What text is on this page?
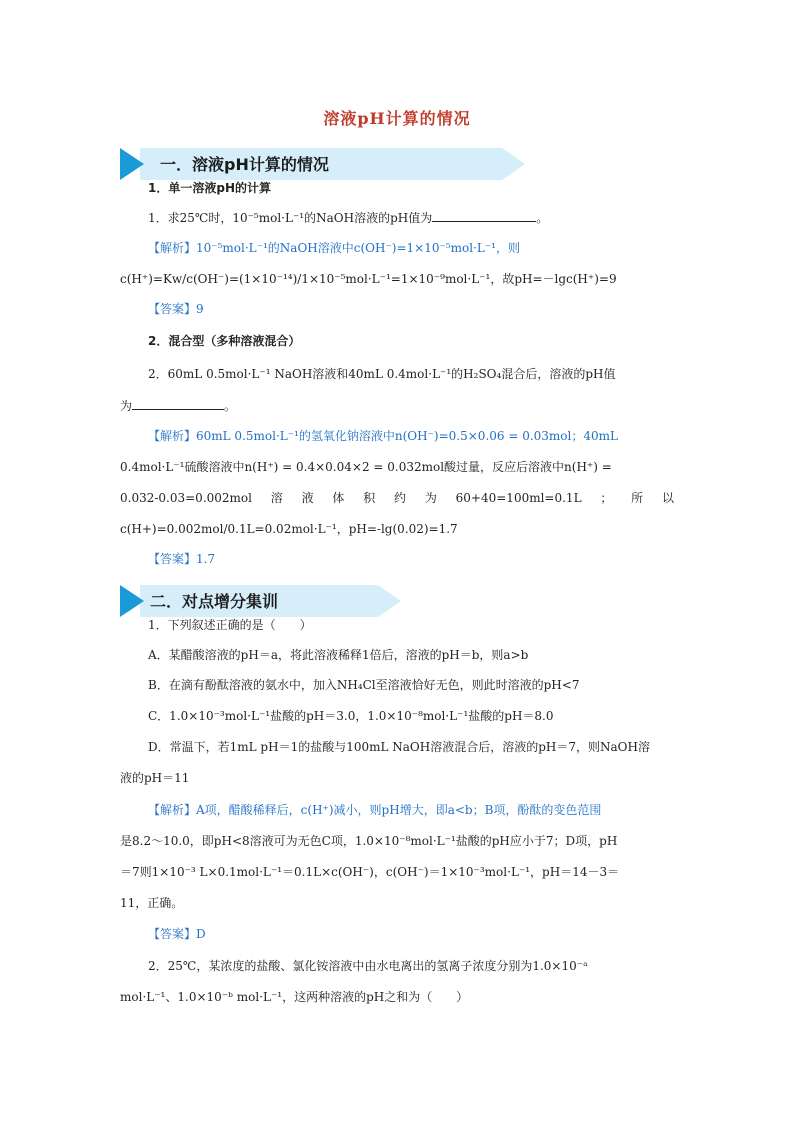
溶液pH计算的情况
一．溶液pH计算的情况
1．单一溶液pH的计算
1．求25℃时，10⁻⁵mol·L⁻¹的NaOH溶液的pH值为	。
【解析】10⁻⁵mol·L⁻¹的NaOH溶液中c(OH⁻)=1×10⁻⁵mol·L⁻¹，则
c(H⁺)=Kw/c(OH⁻)=(1×10⁻¹⁴)/1×10⁻⁵mol·L⁻¹=1×10⁻⁹mol·L⁻¹，故pH=－lgc(H⁺)=9
【答案】9
2．混合型（多种溶液混合）
2．60mL 0.5mol·L⁻¹ NaOH溶液和40mL 0.4mol·L⁻¹的H₂SO₄混合后，溶液的pH值
为	。
【解析】60mL 0.5mol·L⁻¹的氢氧化钠溶液中n(OH⁻)=0.5×0.06 = 0.03mol；40mL
0.4mol·L⁻¹硫酸溶液中n(H⁺) = 0.4×0.04×2 = 0.032mol酸过量，反应后溶液中n(H⁺) =
0.032-0.03=0.002mol 溶 液 体 积 约 为 60+40=100ml=0.1L ； 所 以
c(H+)=0.002mol/0.1L=0.02mol·L⁻¹，pH=-lg(0.02)=1.7
【答案】1.7
二．对点增分集训
1．下列叙述正确的是（　　）
A．某醋酸溶液的pH＝a，将此溶液稀释1倍后，溶液的pH＝b，则a>b
B．在滴有酚酞溶液的氨水中，加入NH₄Cl至溶液恰好无色，则此时溶液的pH<7
C．1.0×10⁻³mol·L⁻¹盐酸的pH＝3.0，1.0×10⁻⁸mol·L⁻¹盐酸的pH＝8.0
D．常温下，若1mL pH＝1的盐酸与100mL NaOH溶液混合后，溶液的pH＝7，则NaOH溶
液的pH＝11
【解析】A项，醋酸稀释后，c(H⁺)减小，则pH增大，即a<b；B项，酚酞的变色范围
是8.2～10.0，即pH<8溶液可为无色C项，1.0×10⁻⁸mol·L⁻¹盐酸的pH应小于7；D项，pH
＝7则1×10⁻³ L×0.1mol·L⁻¹＝0.1L×c(OH⁻)，c(OH⁻)＝1×10⁻³mol·L⁻¹，pH＝14－3＝
11，正确。
【答案】D
2．25℃，某浓度的盐酸、氯化铵溶液中由水电离出的氢离子浓度分别为1.0×10⁻ᵃ
mol·L⁻¹、1.0×10⁻ᵇ mol·L⁻¹，这两种溶液的pH之和为（　　）
